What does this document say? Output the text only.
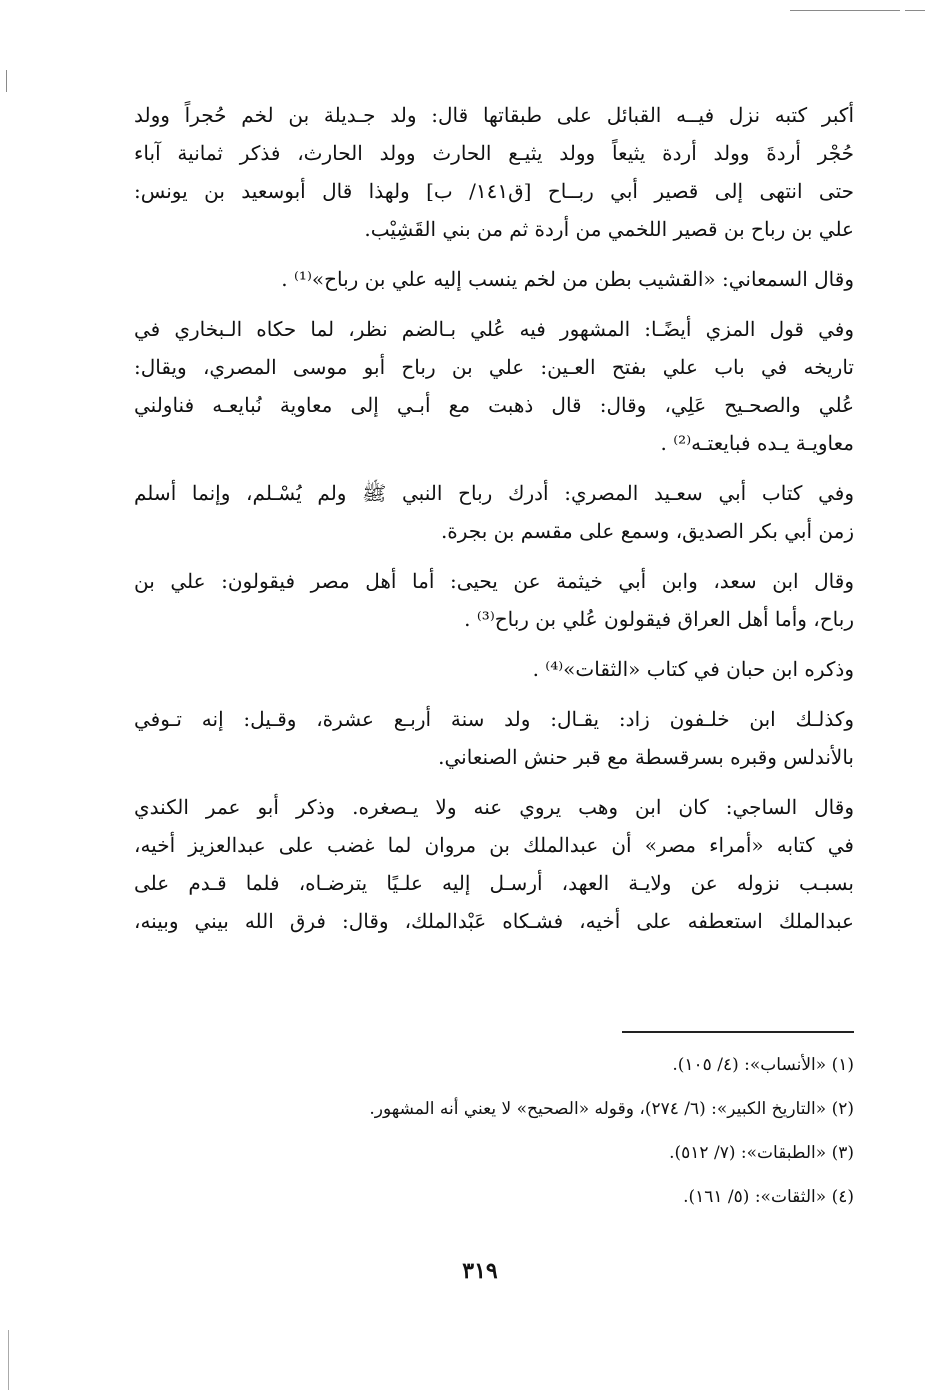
أكبر كتبه نزل فيــه القبائل على طبقاتها قال: ولد جـديلة بن لخم حُجراً وولد
حُجْر أردةَ وولد أردة يثيعاً وولد يثيـع الحارث وولد الحارث، فذكر ثمانية آباء
حتى انتهى إلى قصير أبي ربــاح [ق١٤١/ ب] ولهذا قال أبوسعيد بن يونس:
علي بن رباح بن قصير اللخمي من أردة ثم من بني القَشِيْب.
وقال السمعاني: «القشيب بطن من لخم ينسب إليه علي بن رباح»⁽¹⁾ .
وفي قول المزي أيضًـا: المشهور فيه عُلي بـالضم نظر، لما حكاه الـبخاري في
تاريخه في باب علي بفتح العـين: علي بن رباح أبو موسى المصري، ويقال:
عُلي والصحـيح عَلِي، وقال: قال ذهبت مع أبـي إلى معاوية نُبايعـه فناولني
معاويـة يـده فبايعتـه⁽²⁾ .
وفي كتاب أبي سعـيد المصري: أدرك رباح النبي ﷺ ولم يُسْـلم، وإنما أسلم
زمن أبي بكر الصديق، وسمع على مقسم بن بجرة.
وقال ابن سعد، وابن أبي خيثمة عن يحيى: أما أهل مصر فيقولون: علي بن
رباح، وأما أهل العراق فيقولون عُلي بن رباح⁽³⁾ .
وذكره ابن حبان في كتاب «الثقات»⁽⁴⁾ .
وكذلـك ابن خلـفون زاد: يقـال: ولد سنة أربـع عشرة، وقـيل: إنه تـوفي
بالأندلس وقبره بسرقسطة مع قبر حنش الصنعاني.
وقال الساجي: كان ابن وهب يروي عنه ولا يـصغره. وذكر أبو عمر الكندي
في كتابه «أمراء مصر» أن عبدالملك بن مروان لما غضب على عبدالعزيز أخيه،
بسبـب نزوله عن ولايـة العهد، أرسـل إليه علـيًا يترضـاه، فلما قـدم على
عبدالملك استعطفه على أخيه، فشـكاه عَبْدالملك، وقال: فرق الله بيني وبينه،
(١) «الأنساب»: (٤/ ١٠٥).
(٢) «التاريخ الكبير»: (٦/ ٢٧٤)، وقوله «الصحيح» لا يعني أنه المشهور.
(٣) «الطبقات»: (٧/ ٥١٢).
(٤) «الثقات»: (٥/ ١٦١).
٣١٩
